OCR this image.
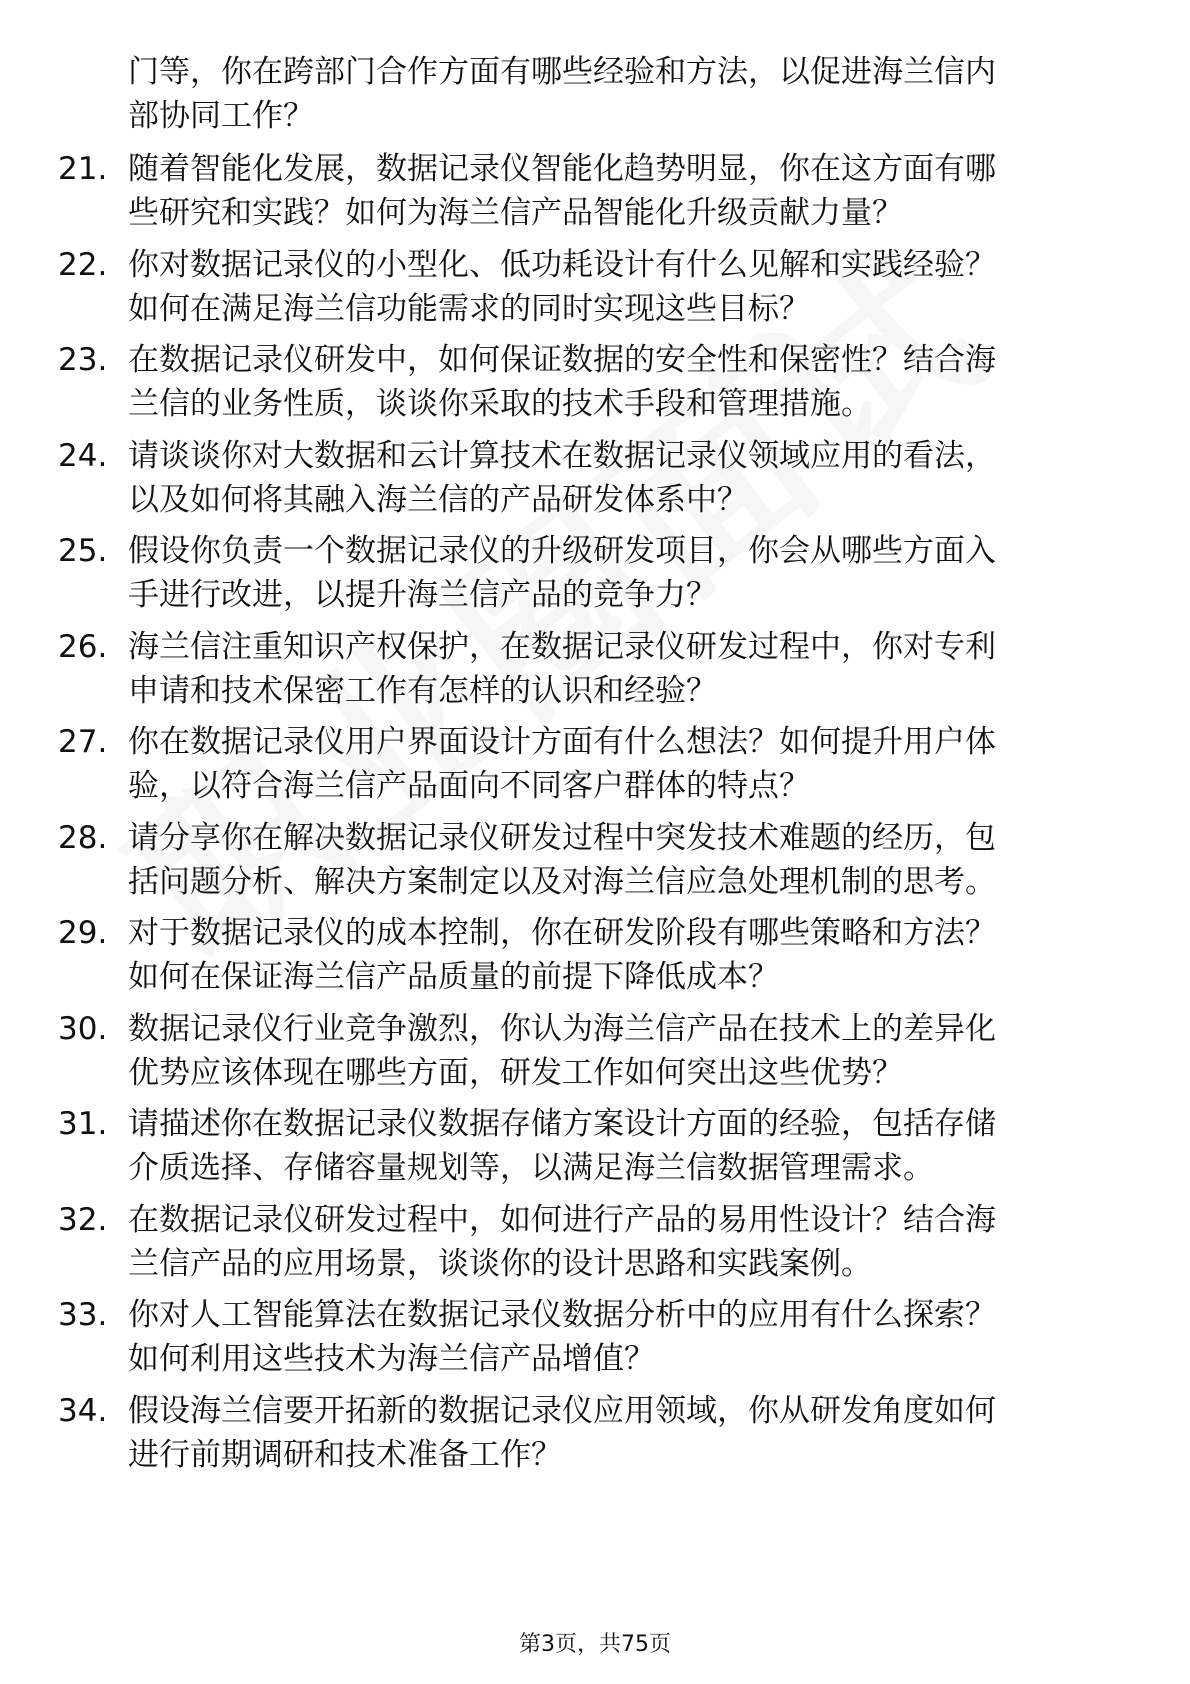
门等，你在跨部门合作方面有哪些经验和方法，以促进海兰信内
部协同工作？
21. 随着智能化发展，数据记录仪智能化趋势明显，你在这方面有哪
些研究和实践？如何为海兰信产品智能化升级贡献力量？
22. 你对数据记录仪的小型化、低功耗设计有什么见解和实践经验？
如何在满足海兰信功能需求的同时实现这些目标？
23. 在数据记录仪研发中，如何保证数据的安全性和保密性？结合海
兰信的业务性质，谈谈你采取的技术手段和管理措施。
24. 请谈谈你对大数据和云计算技术在数据记录仪领域应用的看法，
以及如何将其融入海兰信的产品研发体系中？
25. 假设你负责一个数据记录仪的升级研发项目，你会从哪些方面入
手进行改进，以提升海兰信产品的竞争力？
26. 海兰信注重知识产权保护，在数据记录仪研发过程中，你对专利
申请和技术保密工作有怎样的认识和经验？
27. 你在数据记录仪用户界面设计方面有什么想法？如何提升用户体
验，以符合海兰信产品面向不同客户群体的特点？
28. 请分享你在解决数据记录仪研发过程中突发技术难题的经历，包
括问题分析、解决方案制定以及对海兰信应急处理机制的思考。
29. 对于数据记录仪的成本控制，你在研发阶段有哪些策略和方法？
如何在保证海兰信产品质量的前提下降低成本？
30. 数据记录仪行业竞争激烈，你认为海兰信产品在技术上的差异化
优势应该体现在哪些方面，研发工作如何突出这些优势？
31. 请描述你在数据记录仪数据存储方案设计方面的经验，包括存储
介质选择、存储容量规划等，以满足海兰信数据管理需求。
32. 在数据记录仪研发过程中，如何进行产品的易用性设计？结合海
兰信产品的应用场景，谈谈你的设计思路和实践案例。
33. 你对人工智能算法在数据记录仪数据分析中的应用有什么探索？
如何利用这些技术为海兰信产品增值？
34. 假设海兰信要开拓新的数据记录仪应用领域，你从研发角度如何
进行前期调研和技术准备工作？
第3页，共75页
